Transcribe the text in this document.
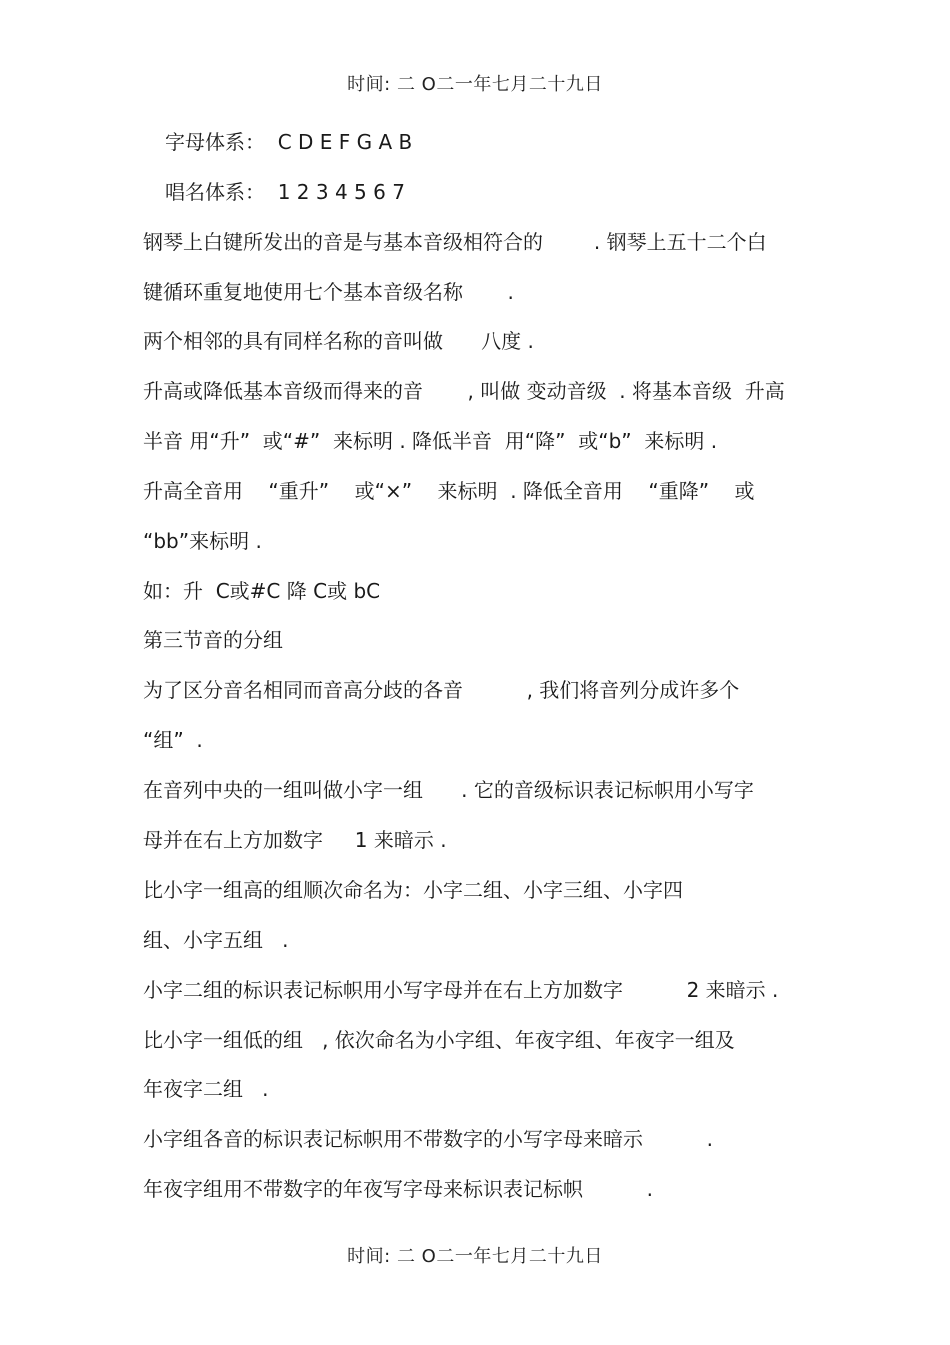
时间: 二 O二一年七月二十九日
字母体系：  C D E F G A B
唱名体系：  1 2 3 4 5 6 7
钢琴上白键所发出的音是与基本音级相符合的        . 钢琴上五十二个白
键循环重复地使用七个基本音级名称       .
两个相邻的具有同样名称的音叫做      八度 .
升高或降低基本音级而得来的音       , 叫做 变动音级  . 将基本音级  升高
半音 用“升”  或“#”  来标明 . 降低半音  用“降”  或“b”  来标明 .
升高全音用    “重升”    或“×”    来标明  . 降低全音用    “重降”    或
“bb”来标明 .
如：升  C或#C 降 C或 bC
第三节音的分组
为了区分音名相同而音高分歧的各音          , 我们将音列分成许多个
“组”  .
在音列中央的一组叫做小字一组      . 它的音级标识表记标帜用小写字
母并在右上方加数字     1 来暗示 .
比小字一组高的组顺次命名为：小字二组、小字三组、小字四
组、小字五组   .
小字二组的标识表记标帜用小写字母并在右上方加数字          2 来暗示 .
比小字一组低的组   , 依次命名为小字组、年夜字组、年夜字一组及
年夜字二组   .
小字组各音的标识表记标帜用不带数字的小写字母来暗示          .
年夜字组用不带数字的年夜写字母来标识表记标帜          .
时间: 二 O二一年七月二十九日
